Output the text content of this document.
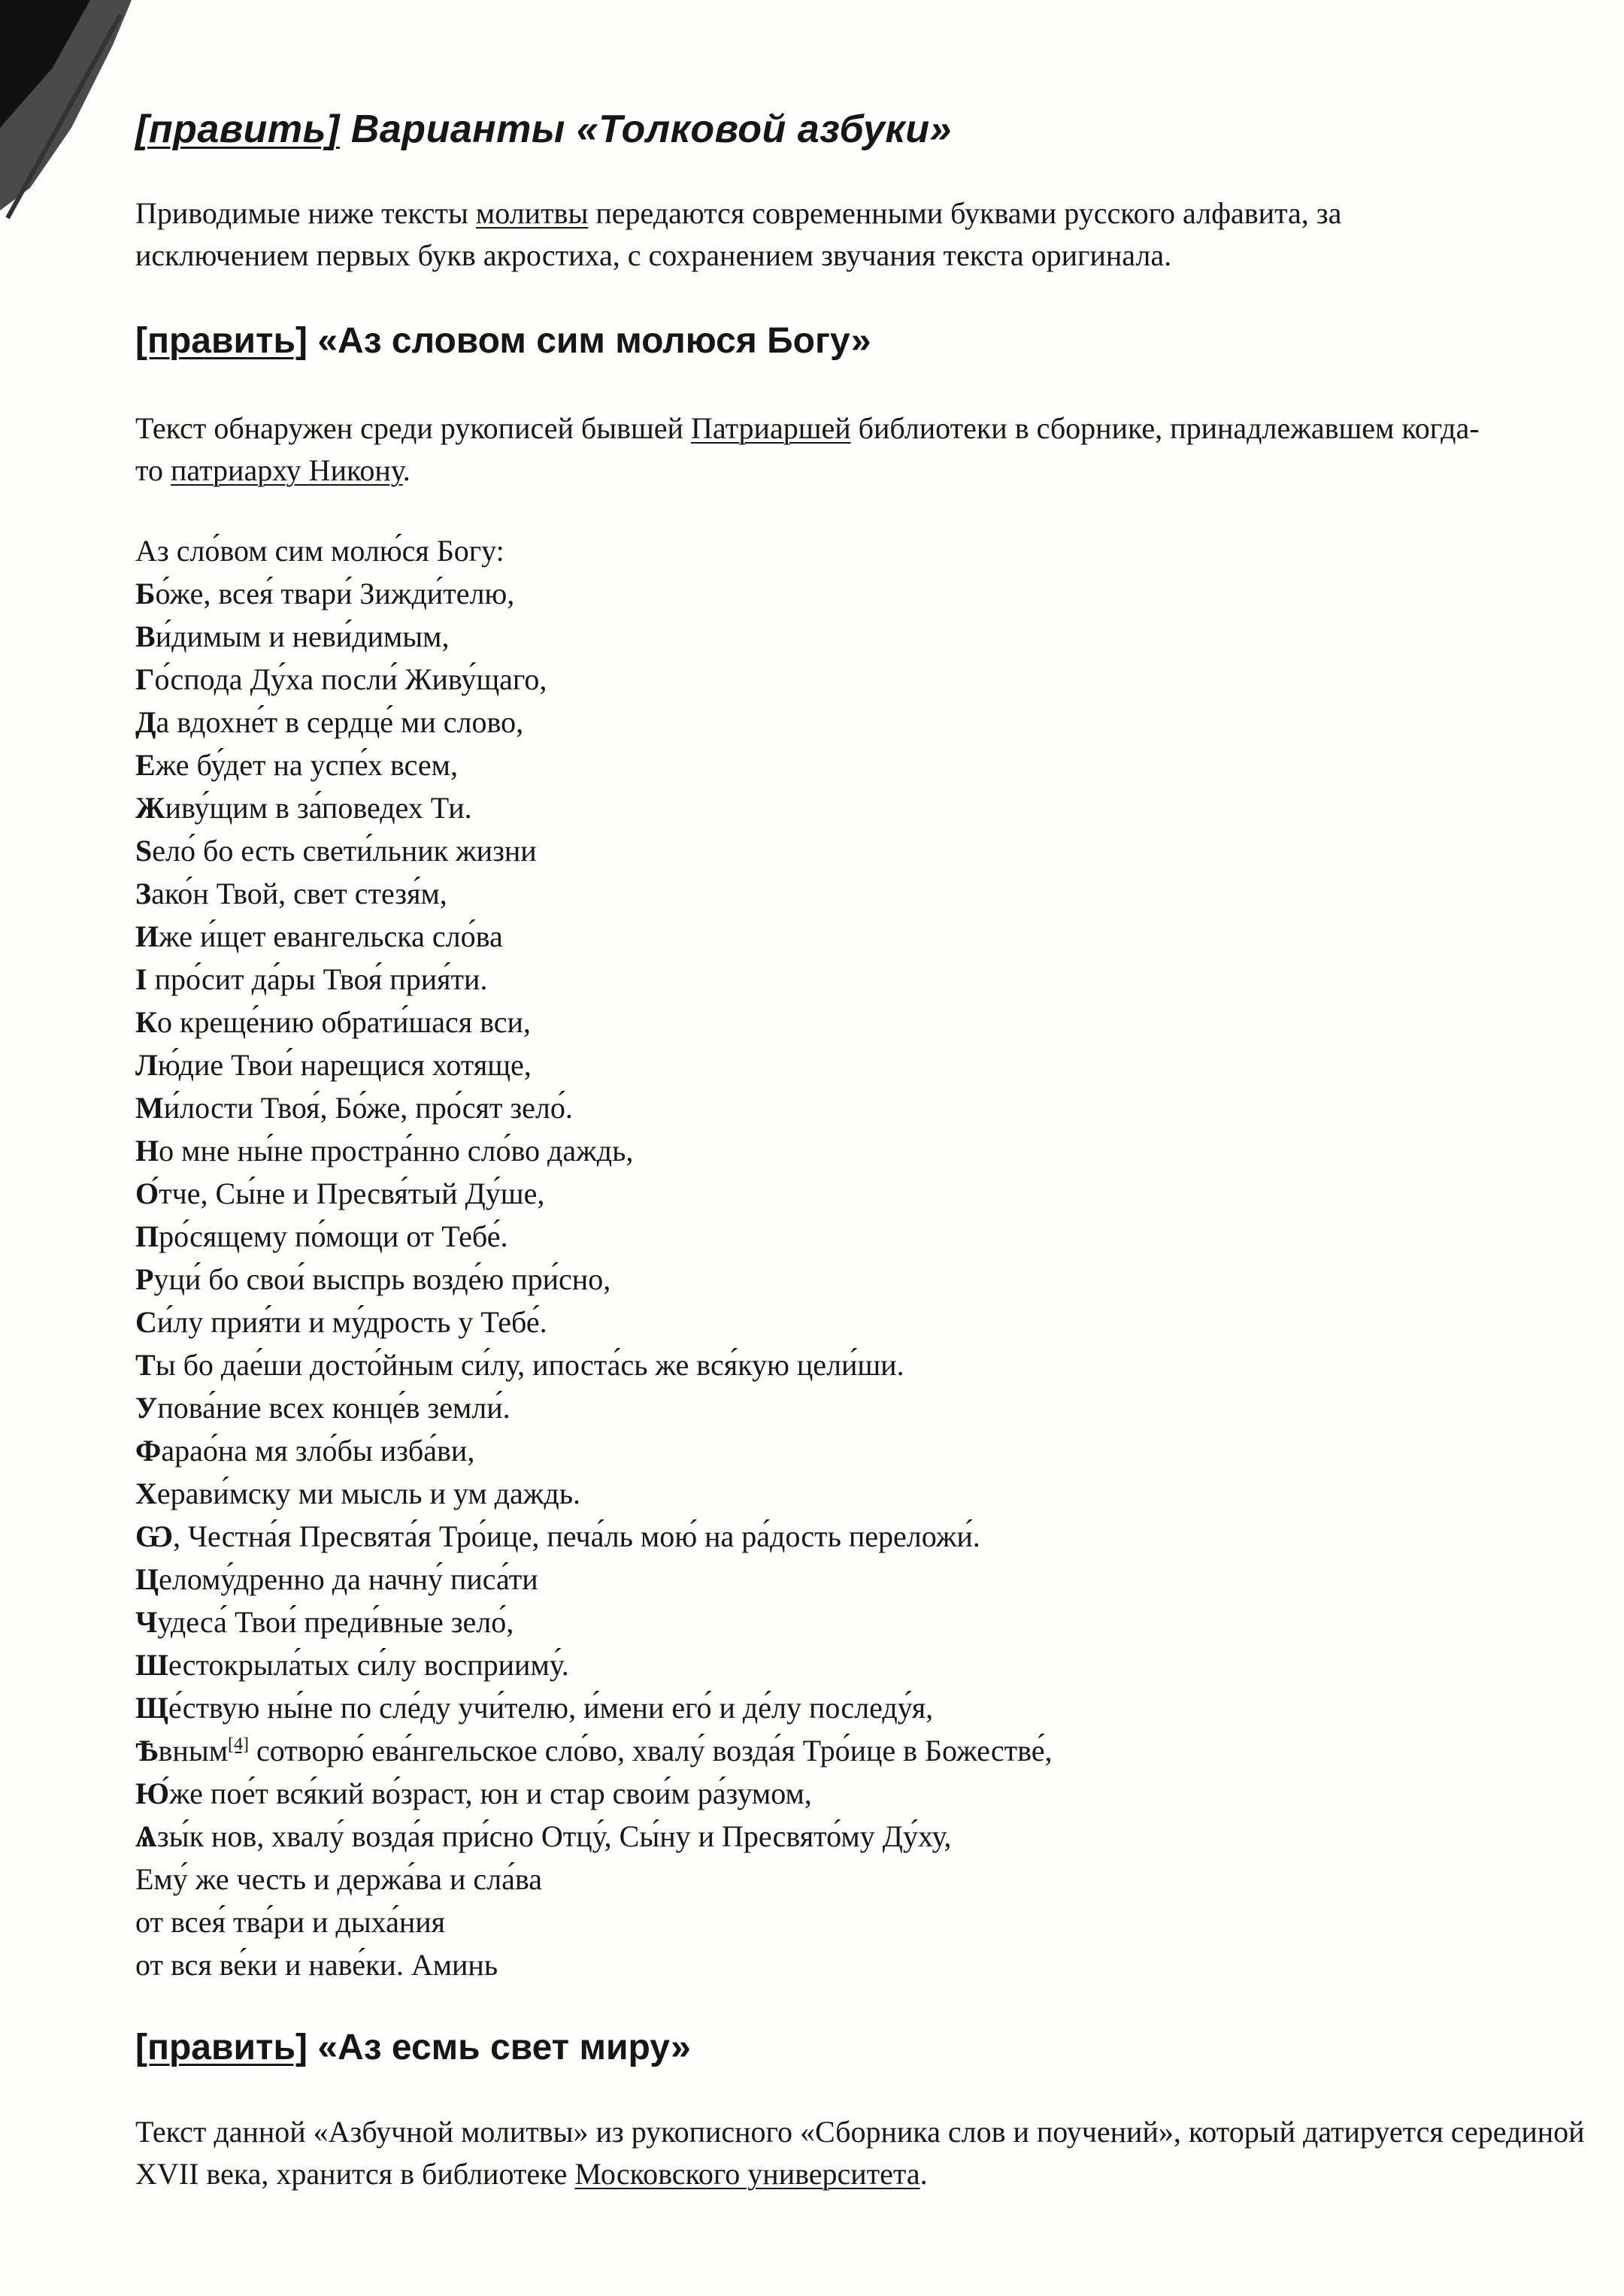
[править] Варианты «Толковой азбуки»

Приводимые ниже тексты молитвы передаются современными буквами русского алфавита, за исключением первых букв акростиха, с сохранением звучания текста оригинала.

[править] «Аз словом сим молюся Богу»

Текст обнаружен среди рукописей бывшей Патриаршей библиотеки в сборнике, принадлежавшем когда-то патриарху Никону.

Аз сло́вом сим молю́ся Богу:
Бо́же, всея́ твари́ Зижди́телю,
Ви́димым и неви́димым,
Го́спода Ду́ха посли́ Живу́щаго,
Да вдохне́т в сердце́ ми слово,
Еже бу́дет на успе́х всем,
Живу́щим в за́поведех Ти.
Sело́ бо есть свети́льник жизни
Зако́н Твой, свет стезя́м,
Иже и́щет евангельска сло́ва
I про́сит да́ры Твоя́ прия́ти.
Ко креще́нию обрати́шася вси,
Лю́дие Твои́ нарещися хотяще,
Ми́лости Твоя́, Бо́же, про́сят зело́.
Но мне ны́не простра́нно сло́во даждь,
О́тче, Сы́не и Пресвя́тый Ду́ше,
Про́сящему по́мощи от Тебе́.
Руци́ бо свои́ выспрь возде́ю при́сно,
Си́лу прия́ти и му́дрость у Тебе́.
Ты бо дае́ши досто́йным си́лу, ипоста́сь же вся́кую цели́ши.
Упова́ние всех конце́в земли́.
Фарао́на мя зло́бы изба́ви,
Херави́мску ми мысль и ум даждь.
Ѡ, Честна́я Пресвята́я Тро́ице, печа́ль мою́ на ра́дость переложи́.
Целому́дренно да начну́ писа́ти
Чудеса́ Твои́ преди́вные зело́,
Шестокрыла́тых си́лу восприиму́.
Ще́ствую ны́не по сле́ду учи́телю, и́мени его́ и де́лу последу́я,
Ѣвным[4] сотворю́ ева́нгельское сло́во, хвалу́ возда́я Тро́ице в Божестве́,
Ю́же пое́т вся́кий во́зраст, юн и стар свои́м ра́зумом,
Ѧзы́к нов, хвалу́ возда́я при́сно Отцу́, Сы́ну и Пресвято́му Ду́ху,
Ему́ же честь и держа́ва и сла́ва
от всея́ тва́ри и дыха́ния
от вся ве́ки и наве́ки. Аминь
[править] «Аз есмь свет миру»

Текст данной «Азбучной молитвы» из рукописного «Сборника слов и поучений», который датируется серединой XVII века, хранится в библиотеке Московского университета.
